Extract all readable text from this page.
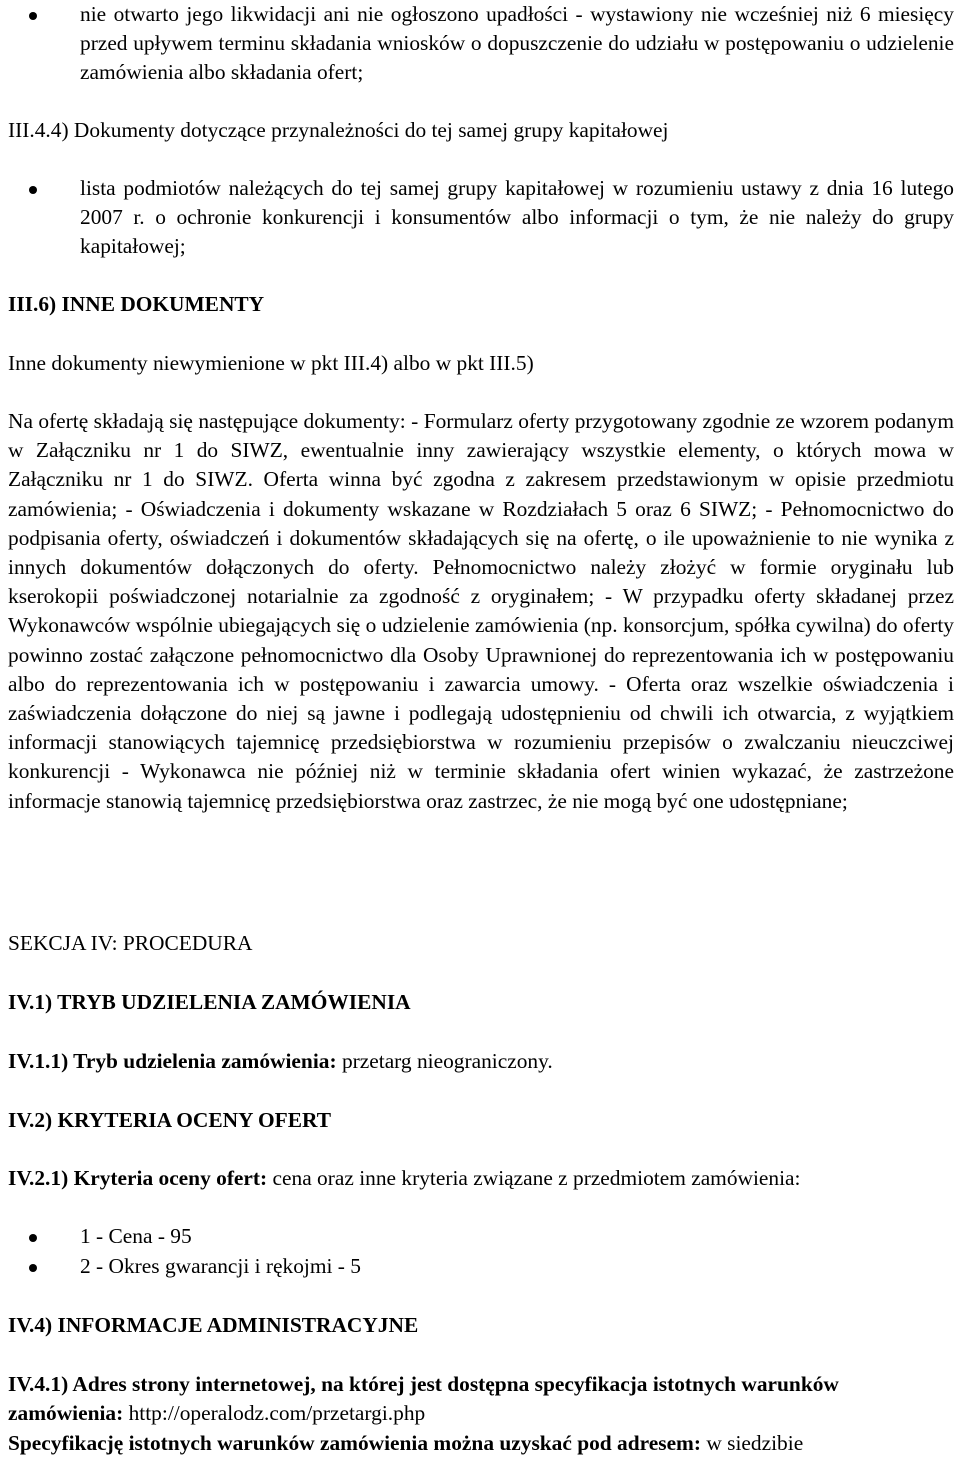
nie otwarto jego likwidacji ani nie ogłoszono upadłości - wystawiony nie wcześniej niż 6 miesięcy przed upływem terminu składania wniosków o dopuszczenie do udziału w postępowaniu o udzielenie zamówienia albo składania ofert;

III.4.4) Dokumenty dotyczące przynależności do tej samej grupy kapitałowej

lista podmiotów należących do tej samej grupy kapitałowej w rozumieniu ustawy z dnia 16 lutego 2007 r. o ochronie konkurencji i konsumentów albo informacji o tym, że nie należy do grupy kapitałowej;

III.6) INNE DOKUMENTY

Inne dokumenty niewymienione w pkt III.4) albo w pkt III.5)

Na ofertę składają się następujące dokumenty: - Formularz oferty przygotowany zgodnie ze wzorem podanym w Załączniku nr 1 do SIWZ, ewentualnie inny zawierający wszystkie elementy, o których mowa w Załączniku nr 1 do SIWZ. Oferta winna być zgodna z zakresem przedstawionym w opisie przedmiotu zamówienia; - Oświadczenia i dokumenty wskazane w Rozdziałach 5 oraz 6 SIWZ; - Pełnomocnictwo do podpisania oferty, oświadczeń i dokumentów składających się na ofertę, o ile upoważnienie to nie wynika z innych dokumentów dołączonych do oferty. Pełnomocnictwo należy złożyć w formie oryginału lub kserokopii poświadczonej notarialnie za zgodność z oryginałem; - W przypadku oferty składanej przez Wykonawców wspólnie ubiegających się o udzielenie zamówienia (np. konsorcjum, spółka cywilna) do oferty powinno zostać załączone pełnomocnictwo dla Osoby Uprawnionej do reprezentowania ich w postępowaniu albo do reprezentowania ich w postępowaniu i zawarcia umowy. - Oferta oraz wszelkie oświadczenia i zaświadczenia dołączone do niej są jawne i podlegają udostępnieniu od chwili ich otwarcia, z wyjątkiem informacji stanowiących tajemnicę przedsiębiorstwa w rozumieniu przepisów o zwalczaniu nieuczciwej konkurencji - Wykonawca nie później niż w terminie składania ofert winien wykazać, że zastrzeżone informacje stanowią tajemnicę przedsiębiorstwa oraz zastrzec, że nie mogą być one udostępniane;

SEKCJA IV: PROCEDURA

IV.1) TRYB UDZIELENIA ZAMÓWIENIA

IV.1.1) Tryb udzielenia zamówienia: przetarg nieograniczony.

IV.2) KRYTERIA OCENY OFERT

IV.2.1) Kryteria oceny ofert: cena oraz inne kryteria związane z przedmiotem zamówienia:

1 - Cena - 95

2 - Okres gwarancji i rękojmi - 5

IV.4) INFORMACJE ADMINISTRACYJNE

IV.4.1) Adres strony internetowej, na której jest dostępna specyfikacja istotnych warunków zamówienia: http://operalodz.com/przetargi.php

Specyfikację istotnych warunków zamówienia można uzyskać pod adresem: w siedzibie
